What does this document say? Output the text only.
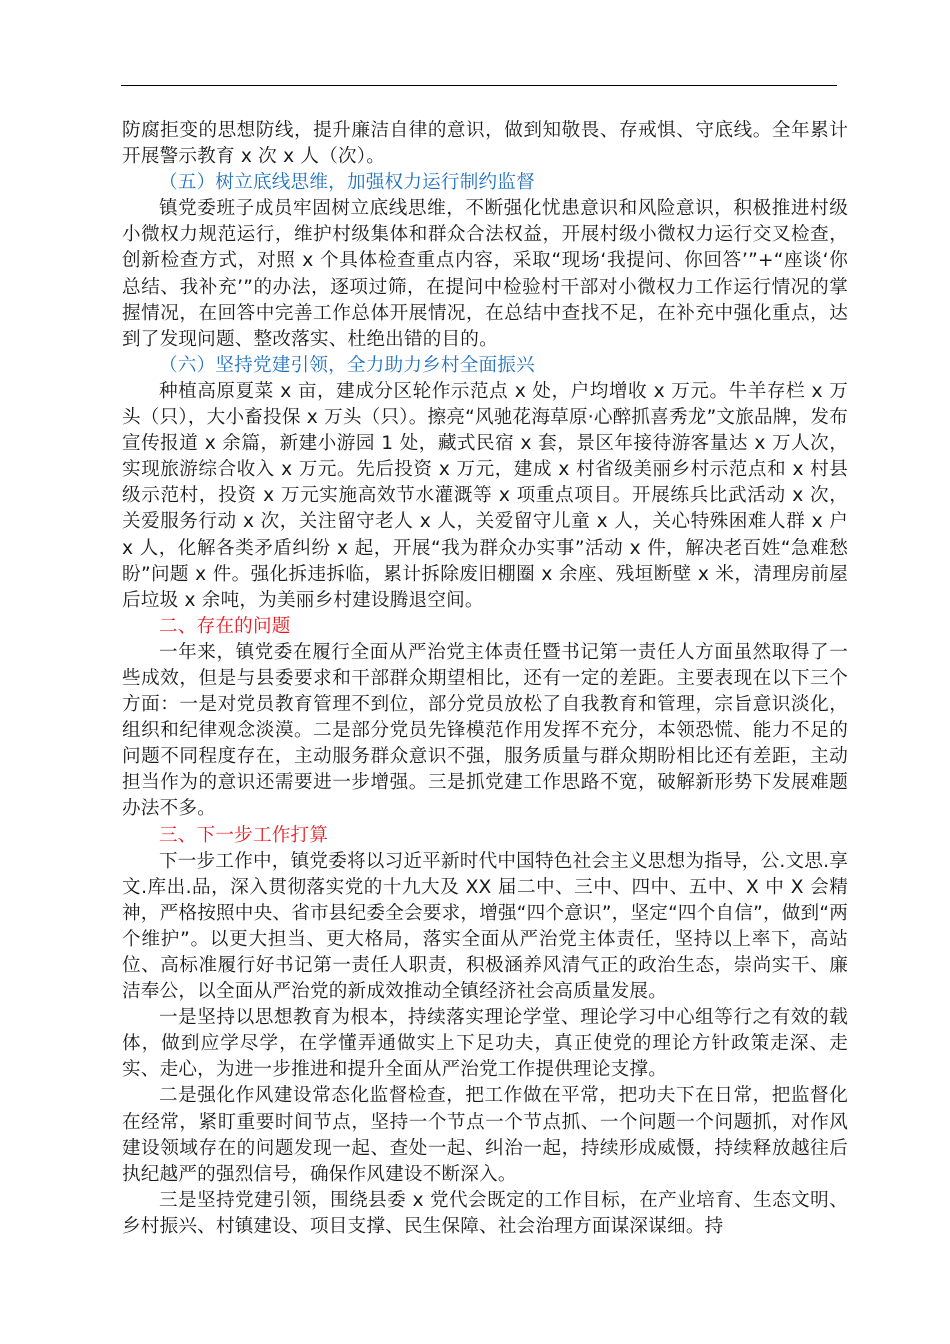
防腐拒变的思想防线，提升廉洁自律的意识，做到知敬畏、存戒惧、守底线。全年累计开展警示教育 x 次 x 人（次）。

（五）树立底线思维，加强权力运行制约监督

镇党委班子成员牢固树立底线思维，不断强化忧患意识和风险意识，积极推进村级小微权力规范运行，维护村级集体和群众合法权益，开展村级小微权力运行交叉检查，创新检查方式，对照 x 个具体检查重点内容，采取“现场‘我提问、你回答’”+“座谈‘你总结、我补充’”的办法，逐项过筛，在提问中检验村干部对小微权力工作运行情况的掌握情况，在回答中完善工作总体开展情况，在总结中查找不足，在补充中强化重点，达到了发现问题、整改落实、杜绝出错的目的。

（六）坚持党建引领，全力助力乡村全面振兴

种植高原夏菜 x 亩，建成分区轮作示范点 x 处，户均增收 x 万元。牛羊存栏 x 万头（只），大小畜投保 x 万头（只）。擦亮“风驰花海草原·心醉抓喜秀龙”文旅品牌，发布宣传报道 x 余篇，新建小游园 1 处，藏式民宿 x 套，景区年接待游客量达 x 万人次，实现旅游综合收入 x 万元。先后投资 x 万元，建成 x 村省级美丽乡村示范点和 x 村县级示范村，投资 x 万元实施高效节水灌溉等 x 项重点项目。开展练兵比武活动 x 次，关爱服务行动 x 次，关注留守老人 x 人，关爱留守儿童 x 人，关心特殊困难人群 x 户 x 人，化解各类矛盾纠纷 x 起，开展“我为群众办实事”活动 x 件，解决老百姓“急难愁盼”问题 x 件。强化拆违拆临，累计拆除废旧棚圈 x 余座、残垣断壁 x 米，清理房前屋后垃圾 x 余吨，为美丽乡村建设腾退空间。

二、存在的问题

一年来，镇党委在履行全面从严治党主体责任暨书记第一责任人方面虽然取得了一些成效，但是与县委要求和干部群众期望相比，还有一定的差距。主要表现在以下三个方面：一是对党员教育管理不到位，部分党员放松了自我教育和管理，宗旨意识淡化，组织和纪律观念淡漠。二是部分党员先锋模范作用发挥不充分，本领恐慌、能力不足的问题不同程度存在，主动服务群众意识不强，服务质量与群众期盼相比还有差距，主动担当作为的意识还需要进一步增强。三是抓党建工作思路不宽，破解新形势下发展难题办法不多。

三、下一步工作打算

下一步工作中，镇党委将以习近平新时代中国特色社会主义思想为指导，公.文思.享文.库出.品，深入贯彻落实党的十九大及 XX 届二中、三中、四中、五中、X 中 X 会精神，严格按照中央、省市县纪委全会要求，增强“四个意识”，坚定“四个自信”，做到“两个维护”。以更大担当、更大格局，落实全面从严治党主体责任，坚持以上率下，高站位、高标准履行好书记第一责任人职责，积极涵养风清气正的政治生态，崇尚实干、廉洁奉公，以全面从严治党的新成效推动全镇经济社会高质量发展。

一是坚持以思想教育为根本，持续落实理论学堂、理论学习中心组等行之有效的载体，做到应学尽学，在学懂弄通做实上下足功夫，真正使党的理论方针政策走深、走实、走心，为进一步推进和提升全面从严治党工作提供理论支撑。

二是强化作风建设常态化监督检查，把工作做在平常，把功夫下在日常，把监督化在经常，紧盯重要时间节点，坚持一个节点一个节点抓、一个问题一个问题抓，对作风建设领域存在的问题发现一起、查处一起、纠治一起，持续形成威慑，持续释放越往后执纪越严的强烈信号，确保作风建设不断深入。

三是坚持党建引领，围绕县委 x 党代会既定的工作目标，在产业培育、生态文明、乡村振兴、村镇建设、项目支撑、民生保障、社会治理方面谋深谋细。持
